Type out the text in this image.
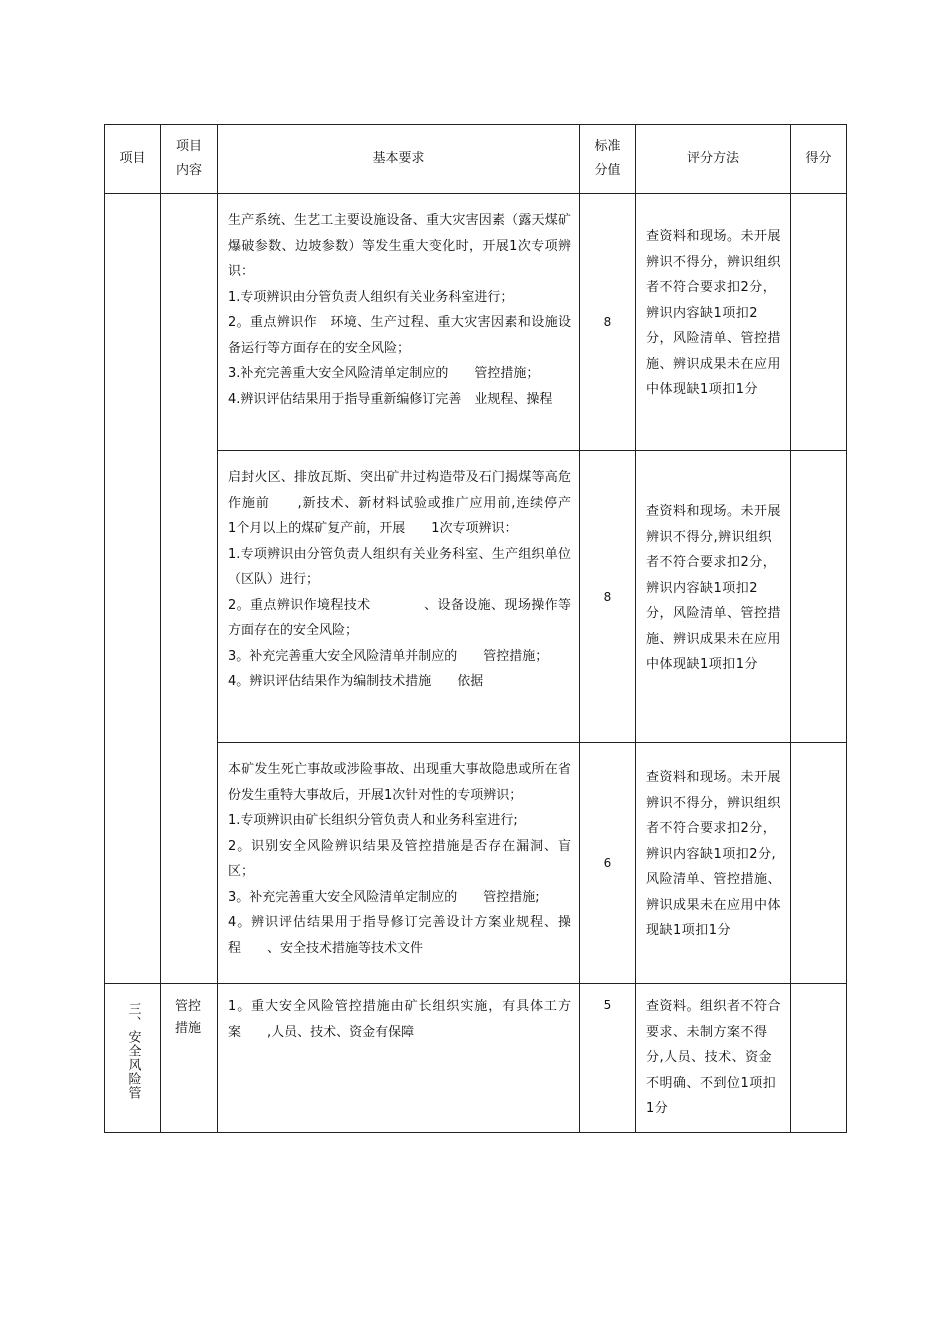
项目	项目内容	基本要求	标准分值	评分方法	得分

		生产系统、生艺工主要设施设备、重大灾害因素（露天煤矿爆破参数、边坡参数）等发生重大变化时，开展1次专项辨识：
1.专项辨识由分管负责人组织有关业务科室进行；
2。重点辨识作　环境、生产过程、重大灾害因素和设施设备运行等方面存在的安全风险；
3.补充完善重大安全风险清单定制应的　　管控措施；
4.辨识评估结果用于指导重新编修订完善　业规程、操程	8	查资料和现场。未开展辨识不得分，辨识组织者不符合要求扣2分，辨识内容缺1项扣2分，风险清单、管控措施、辨识成果未在应用中体现缺1项扣1分	

		启封火区、排放瓦斯、突出矿井过构造带及石门揭煤等高危作施前　　,新技术、新材料试验或推广应用前,连续停产　　1个月以上的煤矿复产前，开展　　1次专项辨识：
1.专项辨识由分管负责人组织有关业务科室、生产组织单位（区队）进行；
2。重点辨识作境程技术　　　　、设备设施、现场操作等方面存在的安全风险；
3。补充完善重大安全风险清单并制应的　　管控措施；
4。辨识评估结果作为编制技术措施　　依据	8	查资料和现场。未开展辨识不得分,辨识组织者不符合要求扣2分，辨识内容缺1项扣2分，风险清单、管控措施、辨识成果未在应用中体现缺1项扣1分	

		本矿发生死亡事故或涉险事故、出现重大事故隐患或所在省份发生重特大事故后，开展1次针对性的专项辨识；
1.专项辨识由矿长组织分管负责人和业务科室进行;
2。识别安全风险辨识结果及管控措施是否存在漏洞、盲区；
3。补充完善重大安全风险清单定制应的　　管控措施;
4。辨识评估结果用于指导修订完善设计方案业规程、操程　　、安全技术措施等技术文件	6	查资料和现场。未开展辨识不得分，辨识组织者不符合要求扣2分，辨识内容缺1项扣2分,风险清单、管控措施、辨识成果未在应用中体现缺1项扣1分	
三、安全风险管	管控措施	1。重大安全风险管控措施由矿长组织实施，有具体工方案　　,人员、技术、资金有保障	5	查资料。组织者不符合要求、未制方案不得分,人员、技术、资金不明确、不到位1项扣1分	
